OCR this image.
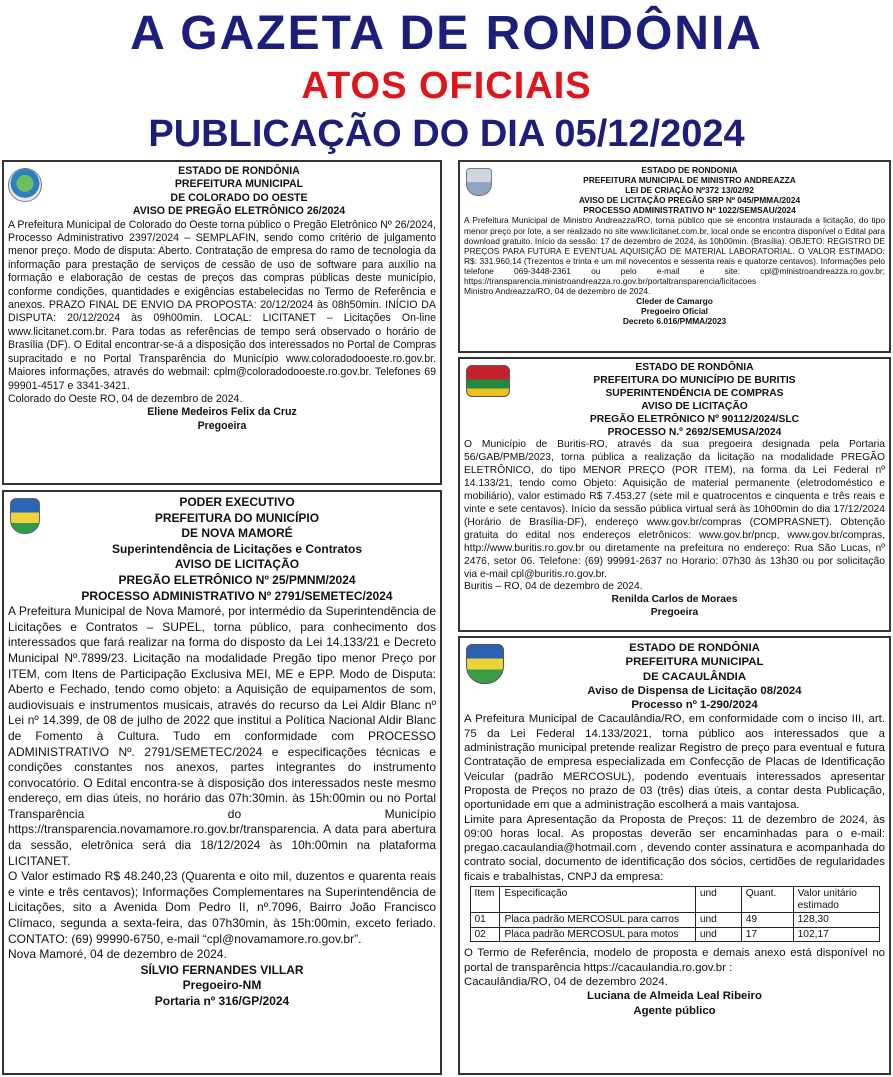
A GAZETA DE RONDÔNIA
ATOS OFICIAIS
PUBLICAÇÃO DO DIA 05/12/2024
ESTADO DE RONDÔNIA
PREFEITURA MUNICIPAL
DE COLORADO DO OESTE
AVISO DE PREGÃO ELETRÔNICO 26/2024
A Prefeitura Municipal de Colorado do Oeste torna público o Pregão Eletrônico Nº 26/2024, Processo Administrativo 2397/2024 – SEMPLAFIN, sendo como critério de julgamento menor preço. Modo de disputa: Aberto. Contratação de empresa do ramo de tecnologia da informação para prestação de serviços de cessão de uso de software para auxílio na formação e elaboração de cestas de preços das compras públicas deste município, conforme condições, quantidades e exigências estabelecidas no Termo de Referência e anexos. PRAZO FINAL DE ENVIO DA PROPOSTA: 20/12/2024 às 08h50min. INÍCIO DA DISPUTA: 20/12/2024 às 09h00min. LOCAL: LICITANET – Licitações On-line www.licitanet.com.br. Para todas as referências de tempo será observado o horário de Brasília (DF). O Edital encontrar-se-á a disposição dos interessados no Portal de Compras supracitado e no Portal Transparência do Município www.coloradodooeste.ro.gov.br. Maiores informações, através do webmail: cplm@coloradodooeste.ro.gov.br. Telefones 69 99901-4517 e 3341-3421.
Colorado do Oeste RO, 04 de dezembro de 2024.
Eliene Medeiros Felix da Cruz
Pregoeira
PODER EXECUTIVO
PREFEITURA DO MUNICÍPIO
DE NOVA MAMORÉ
Superintendência de Licitações e Contratos
AVISO DE LICITAÇÃO
PREGÃO ELETRÔNICO Nº 25/PMNM/2024
PROCESSO ADMINISTRATIVO Nº 2791/SEMETEC/2024
A Prefeitura Municipal de Nova Mamoré, por intermédio da Superintendência de Licitações e Contratos – SUPEL, torna público, para conhecimento dos interessados que fará realizar na forma do disposto da Lei 14.133/21 e Decreto Municipal Nº.7899/23. Licitação na modalidade Pregão tipo menor Preço por ITEM, com Itens de Participação Exclusiva MEI, ME e EPP. Modo de Disputa: Aberto e Fechado, tendo como objeto: a Aquisição de equipamentos de som, audiovisuais e instrumentos musicais, através do recurso da Lei Aldir Blanc nº Lei nº 14.399, de 08 de julho de 2022 que institui a Política Nacional Aldir Blanc de Fomento à Cultura. Tudo em conformidade com PROCESSO ADMINISTRATIVO Nº. 2791/SEMETEC/2024 e especificações técnicas e condições constantes nos anexos, partes integrantes do instrumento convocatório. O Edital encontra-se à disposição dos interessados neste mesmo endereço, em dias úteis, no horário das 07h:30min. às 15h:00min ou no Portal Transparência do Município https://transparencia.novamamore.ro.gov.br/transparencia. A data para abertura da sessão, eletrônica será dia 18/12/2024 às 10h:00min na plataforma LICITANET.
O Valor estimado R$ 48.240,23 (Quarenta e oito mil, duzentos e quarenta reais e vinte e três centavos); Informações Complementares na Superintendência de Licitações, sito a Avenida Dom Pedro II, nº.7096, Bairro João Francisco Clímaco, segunda a sexta-feira, das 07h30min, às 15h:00min, exceto feriado. CONTATO: (69) 99990-6750, e-mail “cpl@novamamore.ro.gov.br”.
Nova Mamoré, 04 de dezembro de 2024.
SÍLVIO FERNANDES VILLAR
Pregoeiro-NM
Portaria nº 316/GP/2024
ESTADO DE RONDONIA
PREFEITURA MUNICIPAL DE MINISTRO ANDREAZZA
LEI DE CRIAÇÃO Nº372 13/02/92
AVISO DE LICITAÇÃO PREGÃO SRP Nº 045/PMMA/2024
PROCESSO ADMINISTRATIVO Nº 1022/SEMSAU/2024
A Prefeitura Municipal de Ministro Andreazza/RO, torna público que se encontra instaurada a licitação, do tipo menor preço por lote, a ser realizado no site www.licitanet.com.br, local onde se encontra disponível o Edital para download gratuito. Início da sessão: 17 de dezembro de 2024, às 10h00min. (Brasília). OBJETO: REGISTRO DE PREÇOS PARA FUTURA E EVENTUAL AQUISIÇÃO DE MATERIAL LABORATORIAL. O VALOR ESTIMADO: R$: 331.960,14 (Trezentos e trinta e um mil novecentos e sessenta reais e quatorze centavos). Informações pelo telefone 069-3448-2361 ou pelo e-mail e site: cpl@ministroandreazza.ro.gov.br; https://transparencia.ministroandreazza.ro.gov.br/portaltransparencia/licitacoes
Ministro Andreazza/RO, 04 de dezembro de 2024.
Cleder de Camargo
Pregoeiro Oficial
Decreto 6.016/PMMA/2023
ESTADO DE RONDÔNIA
PREFEITURA DO MUNICÍPIO DE BURITIS
SUPERINTENDÊNCIA DE COMPRAS
AVISO DE LICITAÇÃO
PREGÃO ELETRÔNICO Nº 90112/2024/SLC
PROCESSO N.º 2692/SEMUSA/2024
O Município de Buritis-RO, através da sua pregoeira designada pela Portaria 56/GAB/PMB/2023, torna pública a realização da licitação na modalidade PREGÃO ELETRÔNICO, do tipo MENOR PREÇO (POR ITEM), na forma da Lei Federal nº 14.133/21, tendo como Objeto: Aquisição de material permanente (eletrodoméstico e mobiliário), valor estimado R$ 7.453,27 (sete mil e quatrocentos e cinquenta e três reais e vinte e sete centavos). Início da sessão pública virtual será às 10h00min do dia 17/12/2024 (Horário de Brasília-DF), endereço www.gov.br/compras (COMPRASNET). Obtenção gratuita do edital nos endereços eletrônicos: www.gov.br/pncp, www.gov.br/compras, http://www.buritis.ro.gov.br ou diretamente na prefeitura no endereço: Rua São Lucas, nº 2476, setor 06. Telefone: (69) 99991-2637 no Horario: 07h30 às 13h30 ou por solicitação via e-mail cpl@buritis.ro.gov.br.
Buritis – RO, 04 de dezembro de 2024.
Renilda Carlos de Moraes
Pregoeira
ESTADO DE RONDÔNIA
PREFEITURA MUNICIPAL
DE CACAULÂNDIA
Aviso de Dispensa de Licitação 08/2024
Processo nº 1-290/2024
A Prefeitura Municipal de Cacaulândia/RO, em conformidade com o inciso III, art. 75 da Lei Federal 14.133/2021, torna público aos interessados que a administração municipal pretende realizar Registro de preço para eventual e futura Contratação de empresa especializada em Confecção de Placas de Identificação Veicular (padrão MERCOSUL), podendo eventuais interessados apresentar Proposta de Preços no prazo de 03 (três) dias úteis, a contar desta Publicação, oportunidade em que a administração escolherá a mais vantajosa.
Limite para Apresentação da Proposta de Preços: 11 de dezembro de 2024, às 09:00 horas local. As propostas deverão ser encaminhadas para o e-mail: pregao.cacaulandia@hotmail.com , devendo conter assinatura e acompanhada do contrato social, documento de identificação dos sócios, certidões de regularidades ficais e trabalhistas, CNPJ da empresa:
Item	Especificação	und	Quant.	Valor unitário estimado
01	Placa padrão MERCOSUL para carros	und	49	128,30
02	Placa padrão MERCOSUL para motos	und	17	102,17
O Termo de Referência, modelo de proposta e demais anexo está disponível no portal de transparência https://cacaulandia.ro.gov.br :
Cacaulândia/RO, 04 de dezembro 2024.
Luciana de Almeida Leal Ribeiro
Agente público
